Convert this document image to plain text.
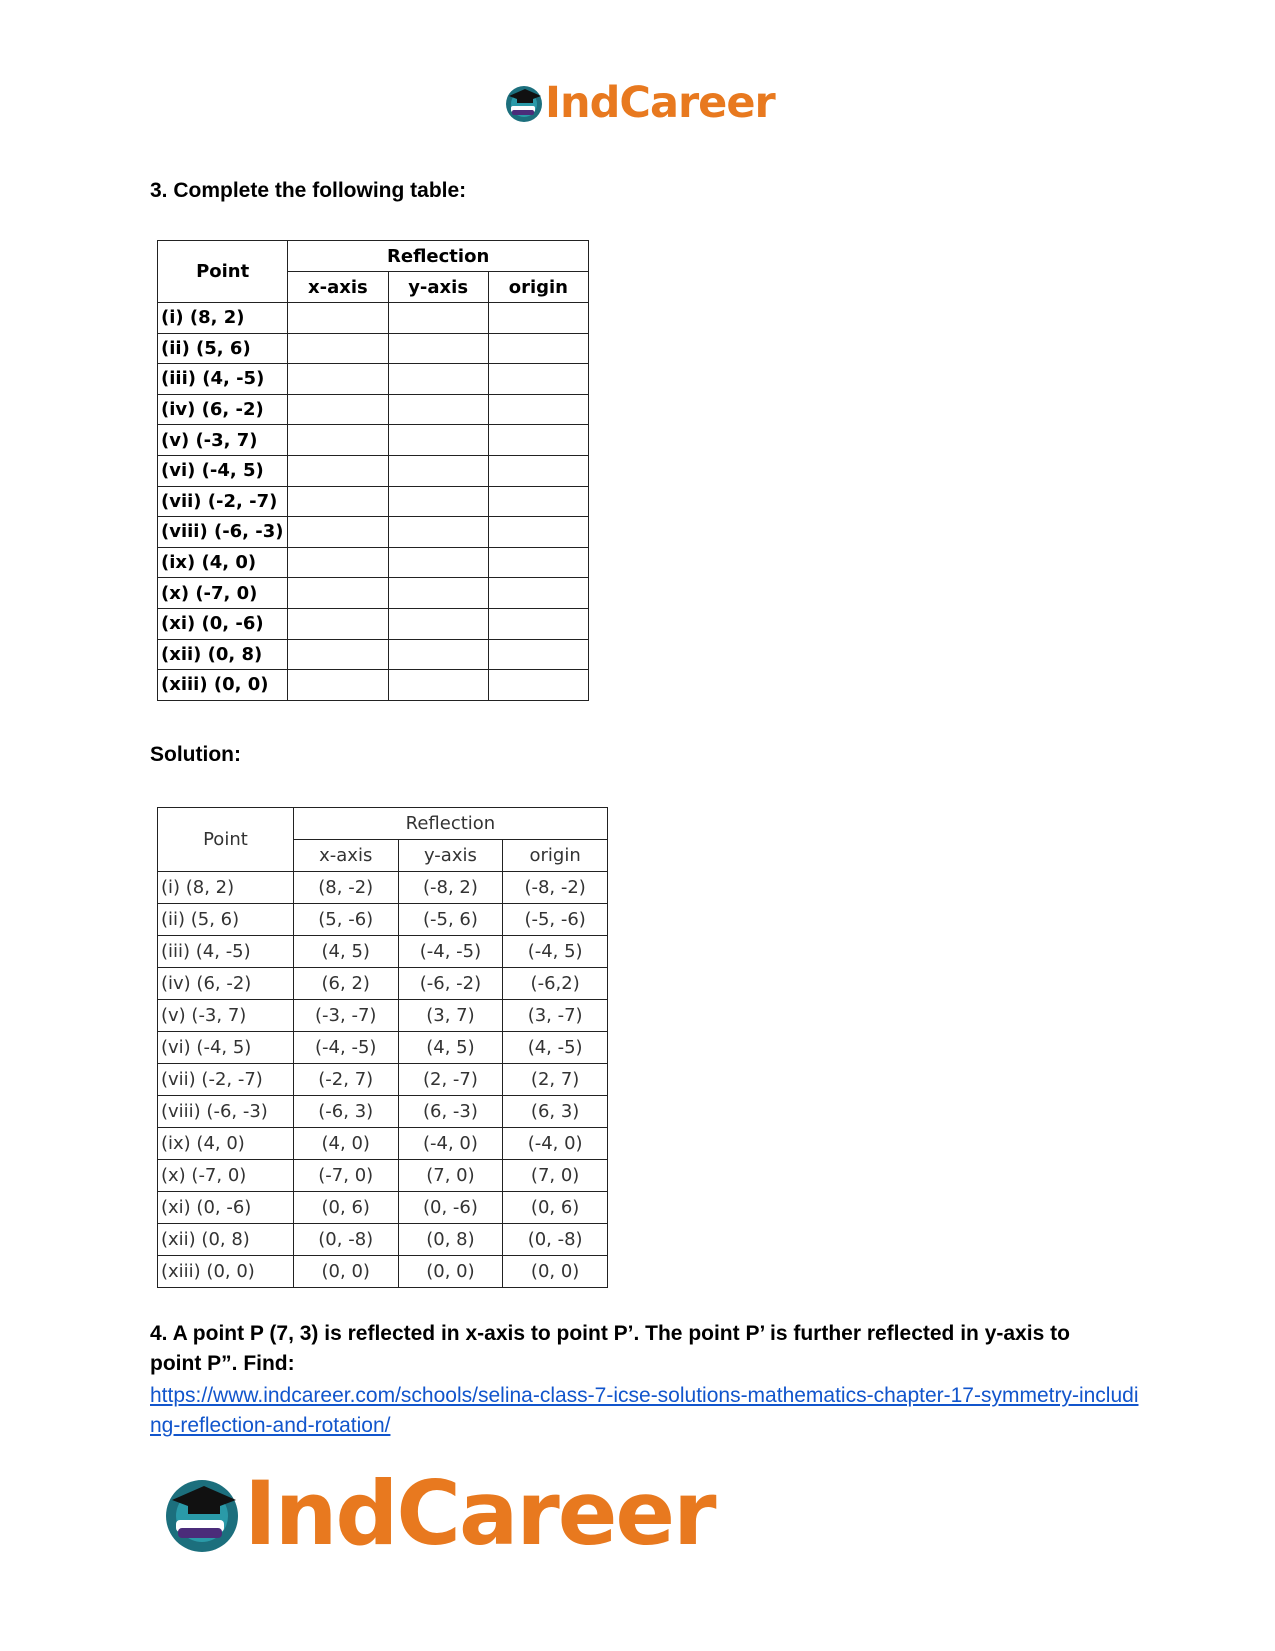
IndCareer
3. Complete the following table:
Point	Reflection		
	x-axis	y-axis	origin
(i) (8, 2)			
(ii) (5, 6)			
(iii) (4, -5)			
(iv) (6, -2)			
(v) (-3, 7)			
(vi) (-4, 5)			
(vii) (-2, -7)			
(viii) (-6, -3)			
(ix) (4, 0)			
(x) (-7, 0)			
(xi) (0, -6)			
(xii) (0, 8)			
(xiii) (0, 0)			
Solution:
Point	Reflection		
	x-axis	y-axis	origin
(i) (8, 2)	(8, -2)	(-8, 2)	(-8, -2)
(ii) (5, 6)	(5, -6)	(-5, 6)	(-5, -6)
(iii) (4, -5)	(4, 5)	(-4, -5)	(-4, 5)
(iv) (6, -2)	(6, 2)	(-6, -2)	(-6,2)
(v) (-3, 7)	(-3, -7)	(3, 7)	(3, -7)
(vi) (-4, 5)	(-4, -5)	(4, 5)	(4, -5)
(vii) (-2, -7)	(-2, 7)	(2, -7)	(2, 7)
(viii) (-6, -3)	(-6, 3)	(6, -3)	(6, 3)
(ix) (4, 0)	(4, 0)	(-4, 0)	(-4, 0)
(x) (-7, 0)	(-7, 0)	(7, 0)	(7, 0)
(xi) (0, -6)	(0, 6)	(0, -6)	(0, 6)
(xii) (0, 8)	(0, -8)	(0, 8)	(0, -8)
(xiii) (0, 0)	(0, 0)	(0, 0)	(0, 0)

4. A point P (7, 3) is reflected in x-axis to point P’. The point P’ is further reflected in y-axis to point P”. Find:

https://www.indcareer.com/schools/selina-class-7-icse-solutions-mathematics-chapter-17-symmetry-including-reflection-and-rotation/
IndCareer
